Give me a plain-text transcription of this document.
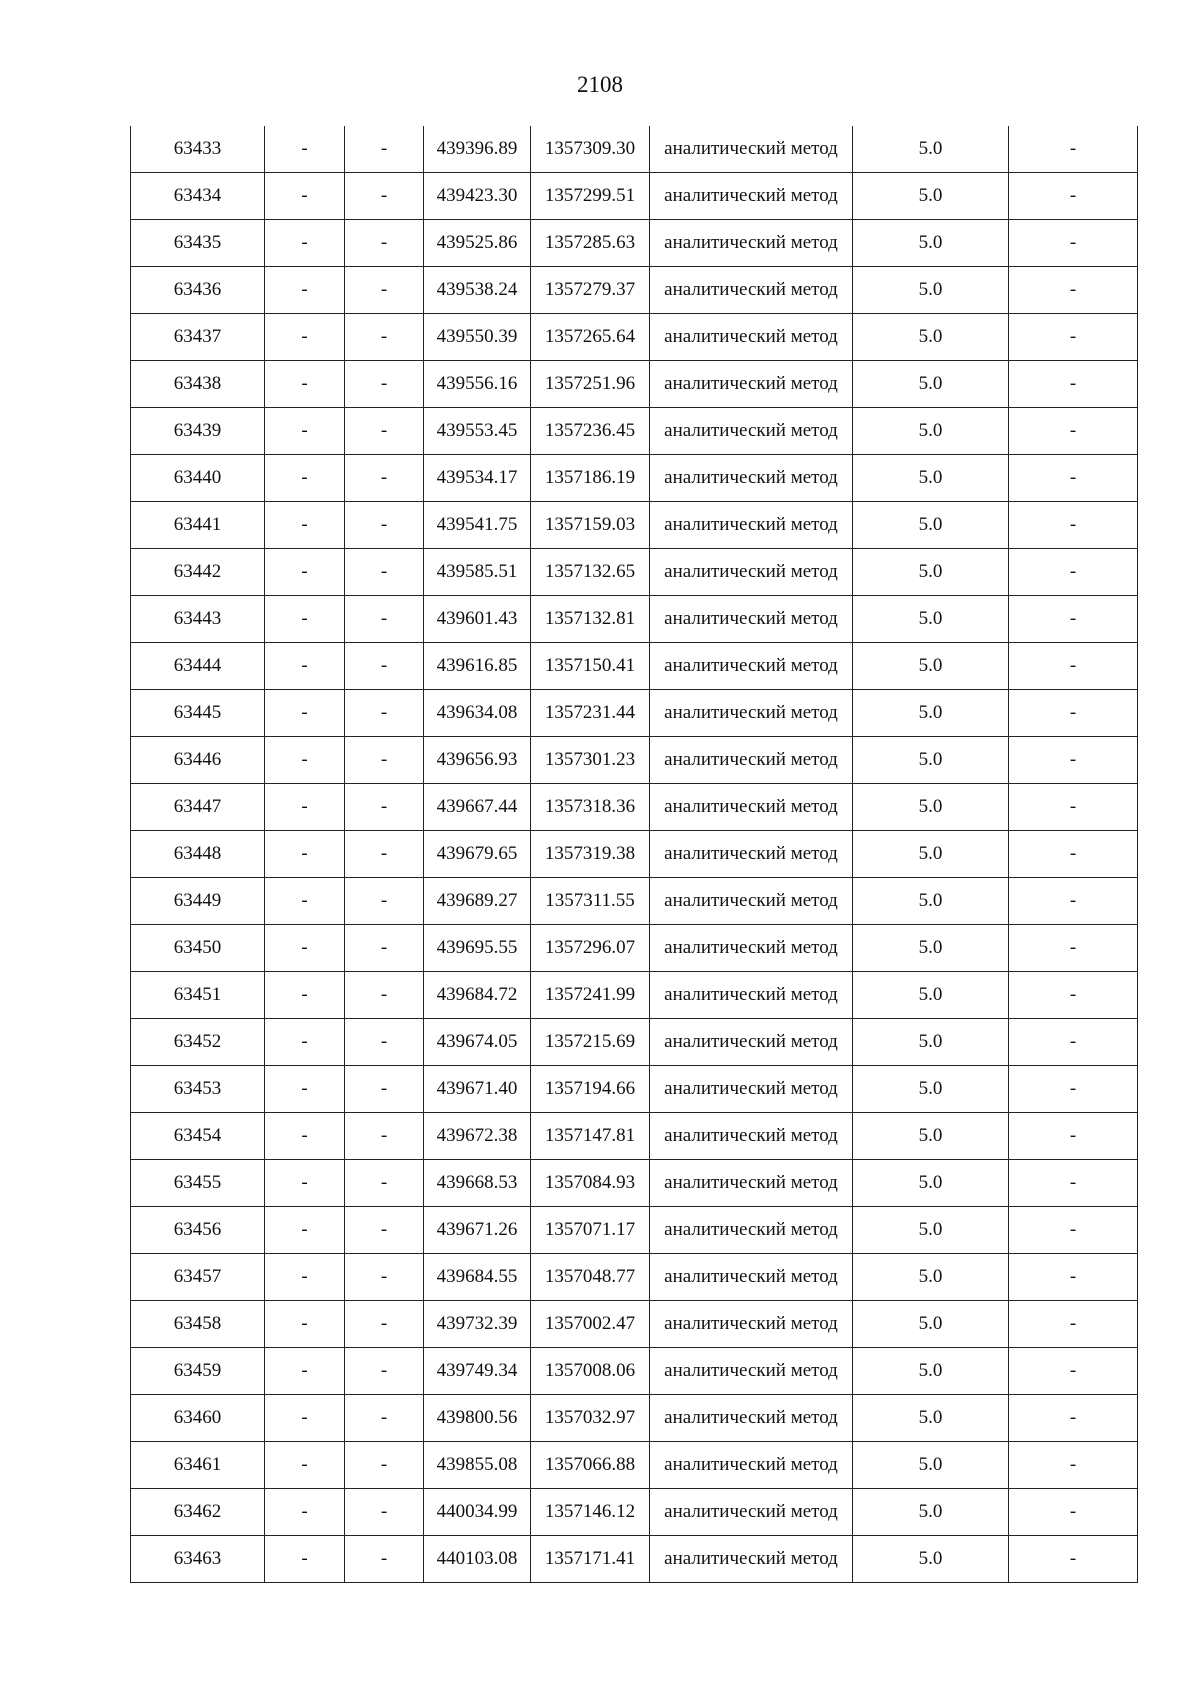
2108
63433	-	-	439396.89	1357309.30	аналитический метод	5.0	-
63434	-	-	439423.30	1357299.51	аналитический метод	5.0	-
63435	-	-	439525.86	1357285.63	аналитический метод	5.0	-
63436	-	-	439538.24	1357279.37	аналитический метод	5.0	-
63437	-	-	439550.39	1357265.64	аналитический метод	5.0	-
63438	-	-	439556.16	1357251.96	аналитический метод	5.0	-
63439	-	-	439553.45	1357236.45	аналитический метод	5.0	-
63440	-	-	439534.17	1357186.19	аналитический метод	5.0	-
63441	-	-	439541.75	1357159.03	аналитический метод	5.0	-
63442	-	-	439585.51	1357132.65	аналитический метод	5.0	-
63443	-	-	439601.43	1357132.81	аналитический метод	5.0	-
63444	-	-	439616.85	1357150.41	аналитический метод	5.0	-
63445	-	-	439634.08	1357231.44	аналитический метод	5.0	-
63446	-	-	439656.93	1357301.23	аналитический метод	5.0	-
63447	-	-	439667.44	1357318.36	аналитический метод	5.0	-
63448	-	-	439679.65	1357319.38	аналитический метод	5.0	-
63449	-	-	439689.27	1357311.55	аналитический метод	5.0	-
63450	-	-	439695.55	1357296.07	аналитический метод	5.0	-
63451	-	-	439684.72	1357241.99	аналитический метод	5.0	-
63452	-	-	439674.05	1357215.69	аналитический метод	5.0	-
63453	-	-	439671.40	1357194.66	аналитический метод	5.0	-
63454	-	-	439672.38	1357147.81	аналитический метод	5.0	-
63455	-	-	439668.53	1357084.93	аналитический метод	5.0	-
63456	-	-	439671.26	1357071.17	аналитический метод	5.0	-
63457	-	-	439684.55	1357048.77	аналитический метод	5.0	-
63458	-	-	439732.39	1357002.47	аналитический метод	5.0	-
63459	-	-	439749.34	1357008.06	аналитический метод	5.0	-
63460	-	-	439800.56	1357032.97	аналитический метод	5.0	-
63461	-	-	439855.08	1357066.88	аналитический метод	5.0	-
63462	-	-	440034.99	1357146.12	аналитический метод	5.0	-
63463	-	-	440103.08	1357171.41	аналитический метод	5.0	-
